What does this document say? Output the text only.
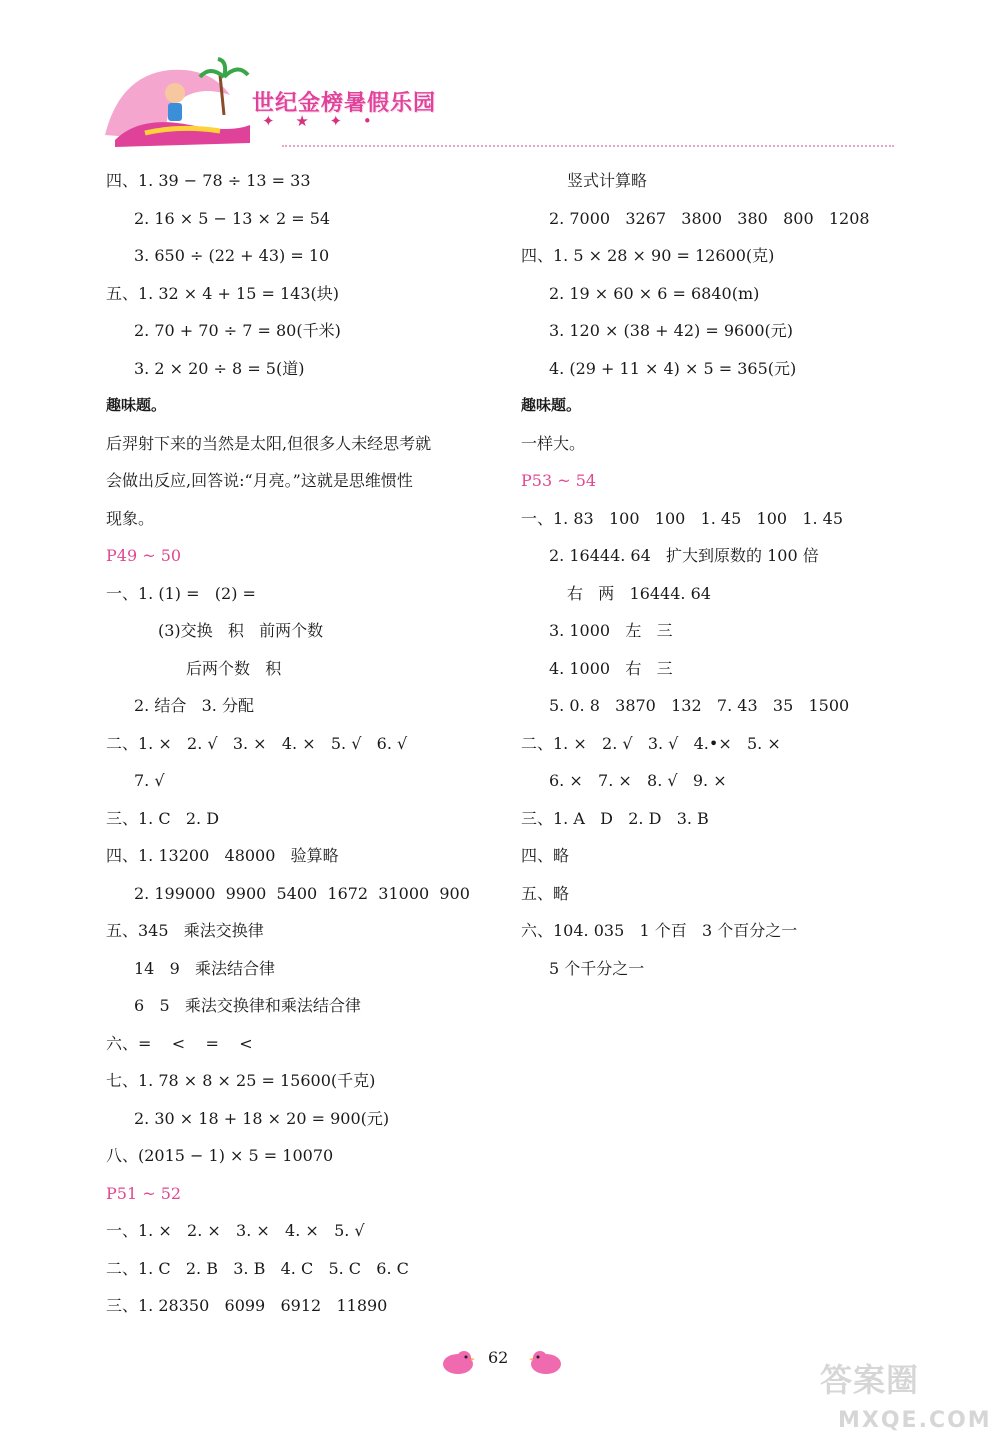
世纪金榜暑假乐园
✦ ★ ✦ •
四、1. 39 − 78 ÷ 13 = 33
2. 16 × 5 − 13 × 2 = 54
3. 650 ÷ (22 + 43) = 10
五、1. 32 × 4 + 15 = 143(块)
2. 70 + 70 ÷ 7 = 80(千米)
3. 2 × 20 ÷ 8 = 5(道)
趣味题。
后羿射下来的当然是太阳,但很多人未经思考就
会做出反应,回答说:“月亮。”这就是思维惯性
现象。
P49 ~ 50
一、1. (1) =   (2) =
(3)交换   积   前两个数
后两个数   积
2. 结合   3. 分配
二、1. ×   2. √   3. ×   4. ×   5. √   6. √
7. √
三、1. C   2. D
四、1. 13200   48000   验算略
2. 199000  9900  5400  1672  31000  900
五、345   乘法交换律
14   9   乘法结合律
6   5   乘法交换律和乘法结合律
六、=    <    =    <
七、1. 78 × 8 × 25 = 15600(千克)
2. 30 × 18 + 18 × 20 = 900(元)
八、(2015 − 1) × 5 = 10070
P51 ~ 52
一、1. ×   2. ×   3. ×   4. ×   5. √
二、1. C   2. B   3. B   4. C   5. C   6. C
三、1. 28350   6099   6912   11890
竖式计算略
2. 7000   3267   3800   380   800   1208
四、1. 5 × 28 × 90 = 12600(克)
2. 19 × 60 × 6 = 6840(m)
3. 120 × (38 + 42) = 9600(元)
4. (29 + 11 × 4) × 5 = 365(元)
趣味题。
一样大。
P53 ~ 54
一、1. 83   100   100   1. 45   100   1. 45
2. 16444. 64   扩大到原数的 100 倍
右   两   16444. 64
3. 1000   左   三
4. 1000   右   三
5. 0. 8   3870   132   7. 43   35   1500
二、1. ×   2. √   3. √   4.•×   5. ×
6. ×   7. ×   8. √   9. ×
三、1. A   D   2. D   3. B
四、略
五、略
六、104. 035   1 个百   3 个百分之一
5 个千分之一
62
答案圈
MXQE.COM
